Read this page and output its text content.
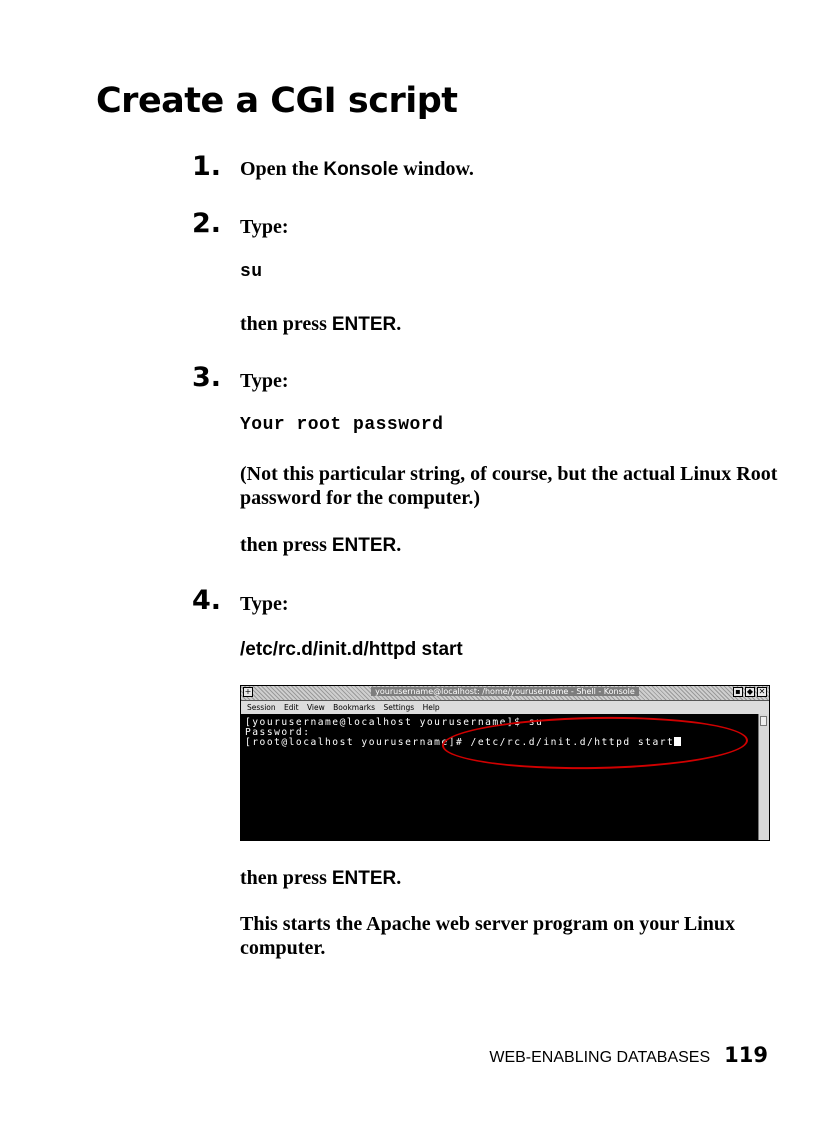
Create a CGI script
1. Open the Konsole window.
2. Type:
su
then press ENTER.
3. Type:
Your root password
(Not this particular string, of course, but the actual Linux Root password for the computer.)
then press ENTER.
4. Type:
/etc/rc.d/init.d/httpd start
+	yourusername@localhost: /home/yourusername - Shell - Konsole	▪ ◆ ✕
Session Edit View Bookmarks Settings Help
[yourusername@localhost yourusername]$ su
Password:
[root@localhost yourusername]# /etc/rc.d/init.d/httpd start
then press ENTER.
This starts the Apache web server program on your Linux computer.
WEB-ENABLING DATABASES 119
